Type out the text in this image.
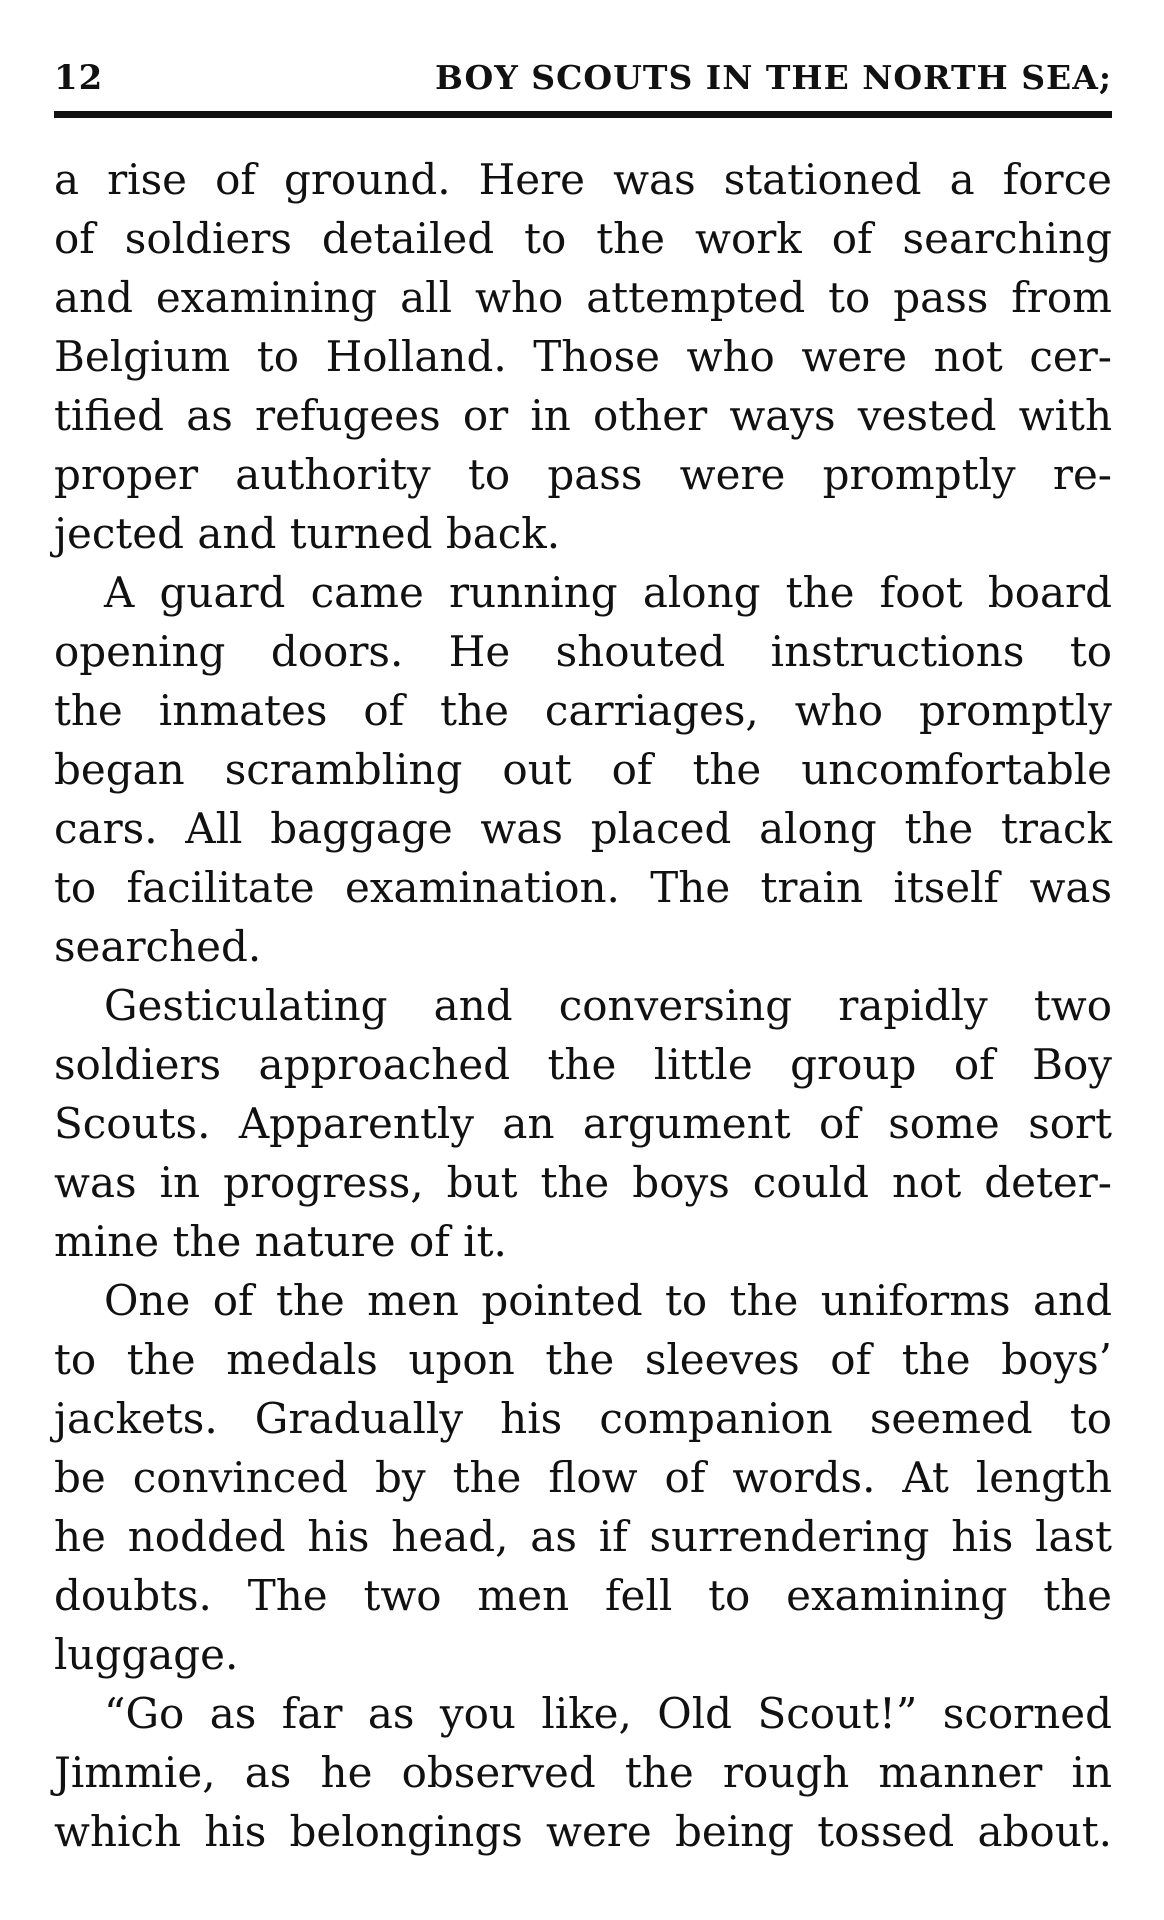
12	BOY SCOUTS IN THE NORTH SEA;
a rise of ground. Here was stationed a force
of soldiers detailed to the work of searching
and examining all who attempted to pass from
Belgium to Holland. Those who were not cer-
tified as refugees or in other ways vested with
proper authority to pass were promptly re-
jected and turned back.
A guard came running along the foot board
opening doors. He shouted instructions to
the inmates of the carriages, who promptly
began scrambling out of the uncomfortable
cars. All baggage was placed along the track
to facilitate examination. The train itself was
searched.
Gesticulating and conversing rapidly two
soldiers approached the little group of Boy
Scouts. Apparently an argument of some sort
was in progress, but the boys could not deter-
mine the nature of it.
One of the men pointed to the uniforms and
to the medals upon the sleeves of the boys’
jackets. Gradually his companion seemed to
be convinced by the flow of words. At length
he nodded his head, as if surrendering his last
doubts. The two men fell to examining the
luggage.
“Go as far as you like, Old Scout!” scorned
Jimmie, as he observed the rough manner in
which his belongings were being tossed about.
